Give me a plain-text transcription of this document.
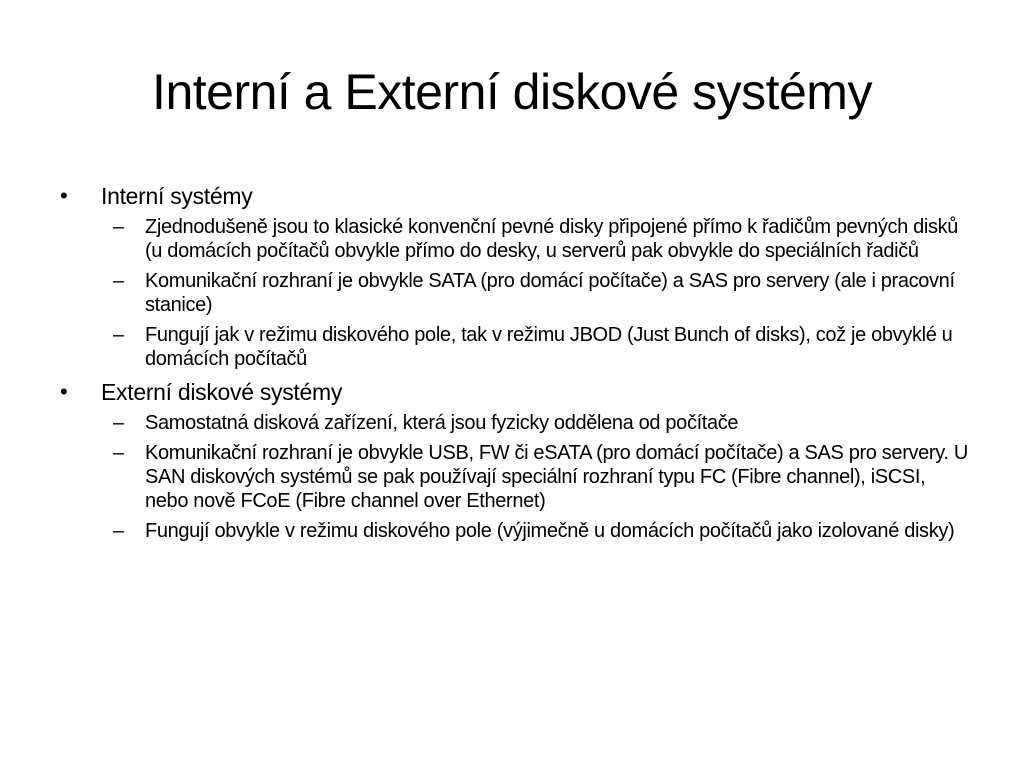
Interní a Externí diskové systémy
• Interní systémy
– Zjednodušeně jsou to klasické konvenční pevné disky připojené přímo k řadičům pevných disků (u domácích počítačů obvykle přímo do desky, u serverů pak obvykle do speciálních řadičů
– Komunikační rozhraní je obvykle SATA (pro domácí počítače) a SAS pro servery (ale i pracovní stanice)
– Fungují jak v režimu diskového pole, tak v režimu JBOD (Just Bunch of disks), což je obvyklé u domácích počítačů
• Externí diskové systémy
– Samostatná disková zařízení, která jsou fyzicky oddělena od počítače
– Komunikační rozhraní je obvykle USB, FW či eSATA (pro domácí počítače) a SAS pro servery. U SAN diskových systémů se pak používají speciální rozhraní typu FC (Fibre channel), iSCSI, nebo nově FCoE (Fibre channel over Ethernet)
– Fungují obvykle v režimu diskového pole (výjimečně u domácích počítačů jako izolované disky)
